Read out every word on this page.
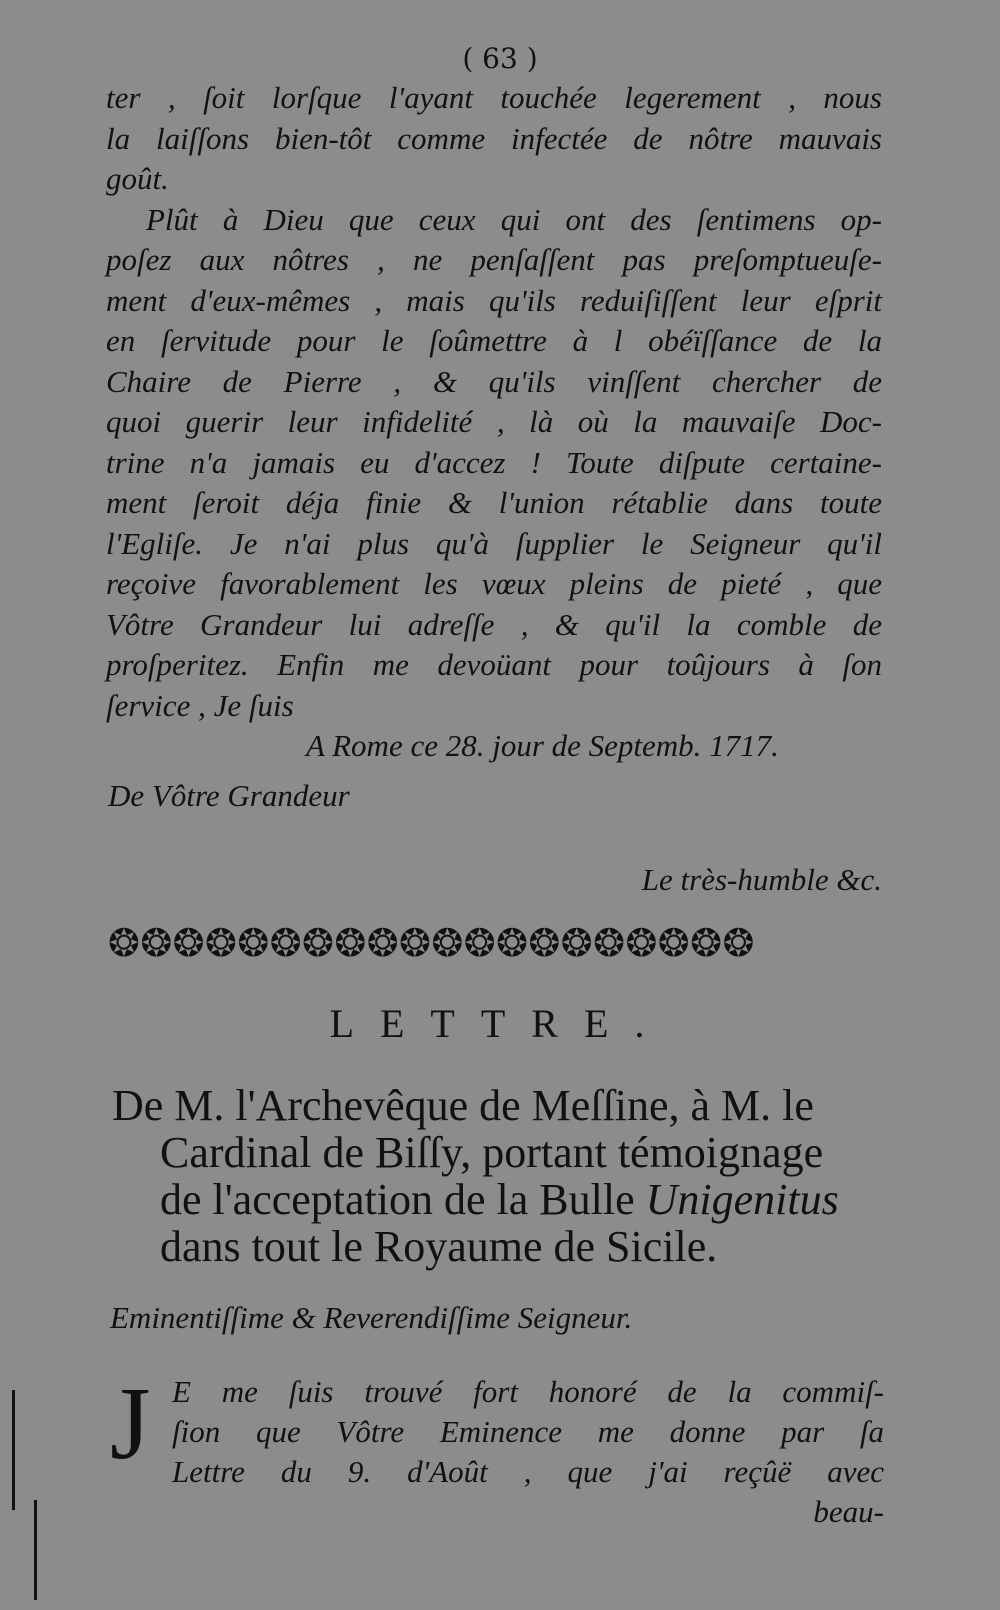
( 63 )
ter , ſoit lorſque l'ayant touchée legerement , nous
la laiſſons bien-tôt comme infectée de nôtre mauvais
goût.
Plût à Dieu que ceux qui ont des ſentimens op-
poſez aux nôtres , ne penſaſſent pas preſomptueuſe-
ment d'eux-mêmes , mais qu'ils reduiſiſſent leur eſprit
en ſervitude pour le ſoûmettre à l obéïſſance de la
Chaire de Pierre , & qu'ils vinſſent chercher de
quoi guerir leur infidelité , là où la mauvaiſe Doc-
trine n'a jamais eu d'accez ! Toute diſpute certaine-
ment ſeroit déja finie & l'union rétablie dans toute
l'Egliſe. Je n'ai plus qu'à ſupplier le Seigneur qu'il
reçoive favorablement les vœux pleins de pieté , que
Vôtre Grandeur lui adreſſe , & qu'il la comble de
proſperitez. Enfin me devoüant pour toûjours à ſon
ſervice , Je ſuis
A Rome ce 28. jour de Septemb. 1717.
De Vôtre Grandeur
Le très-humble &c.
❂❂❂❂❂❂❂❂❂❂❂❂❂❂❂❂❂❂❂❂
LETTRE.
De M. l'Archevêque de Meſſine, à M. le
Cardinal de Biſſy, portant témoignage
de l'acceptation de la Bulle Unigenitus
dans tout le Royaume de Sicile.
Eminentiſſime & Reverendiſſime Seigneur.
J E me ſuis trouvé fort honoré de la commiſ-
ſion que Vôtre Eminence me donne par ſa
Lettre du 9. d'Août , que j'ai reçûë avec
beau-
